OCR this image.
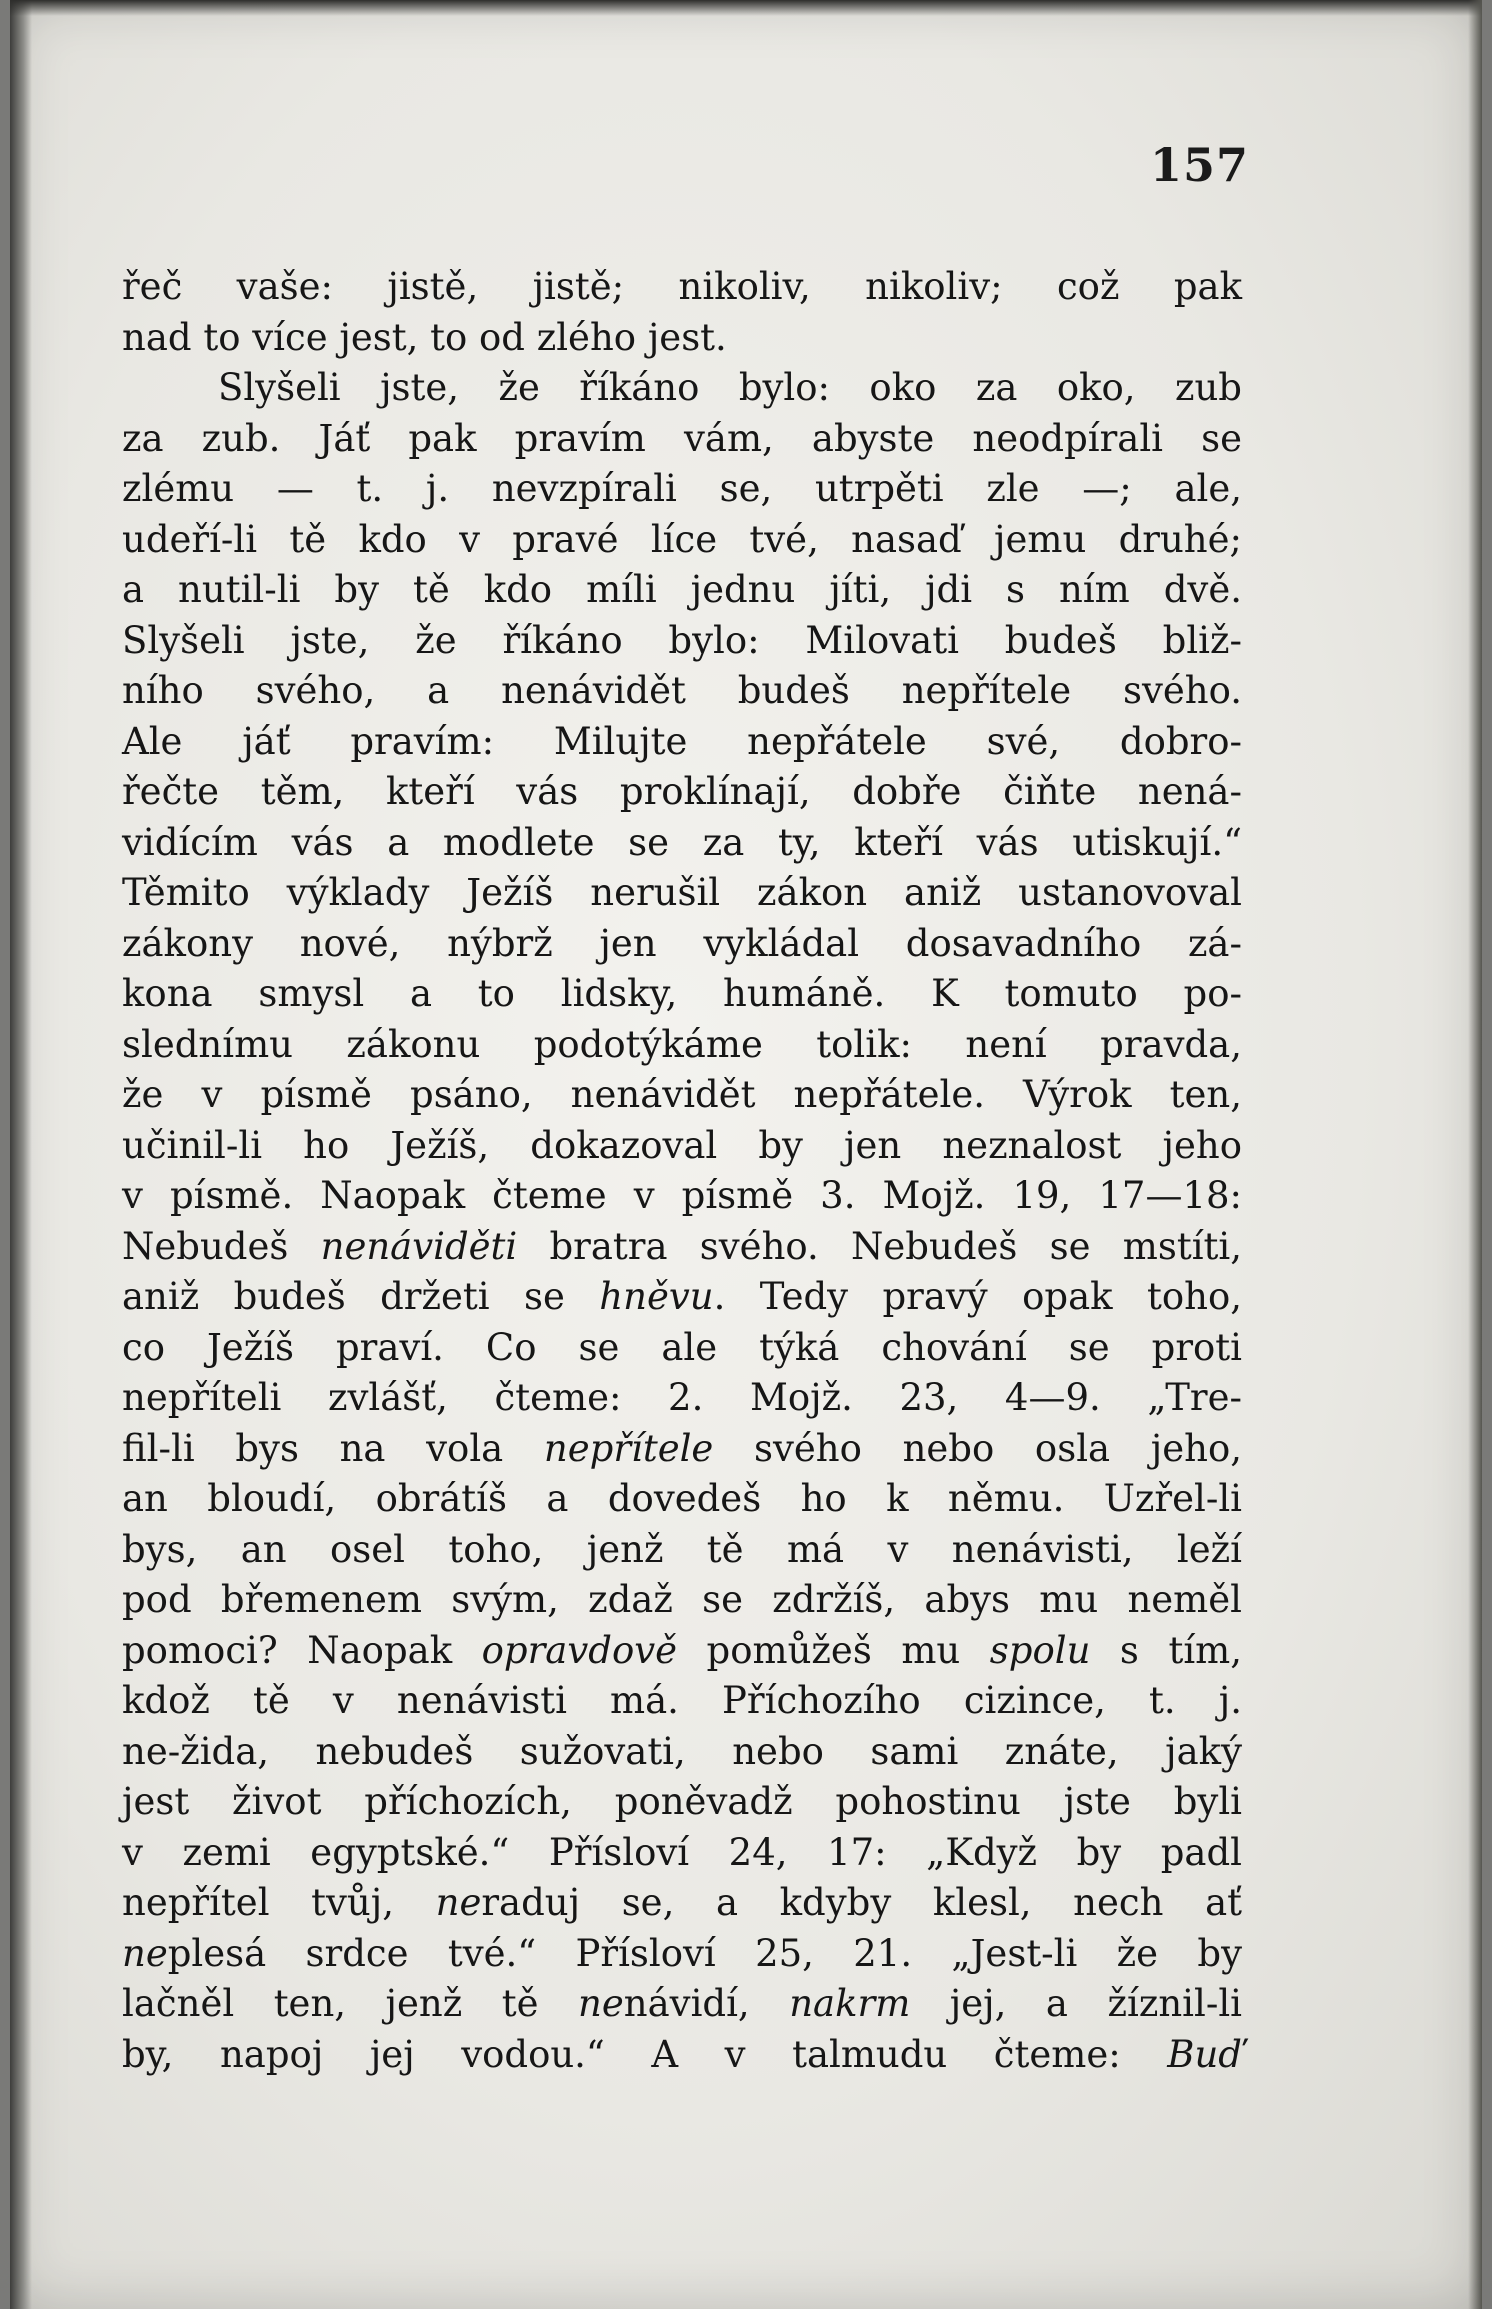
157
řeč vaše: jistě, jistě; nikoliv, nikoliv; což pak
nad to více jest, to od zlého jest.
Slyšeli jste, že říkáno bylo: oko za oko, zub
za zub. Jáť pak pravím vám, abyste neodpírali se
zlému — t. j. nevzpírali se, utrpěti zle —; ale,
udeří-li tě kdo v pravé líce tvé, nasaď jemu druhé;
a nutil-li by tě kdo míli jednu jíti, jdi s ním dvě.
Slyšeli jste, že říkáno bylo: Milovati budeš bliž-
ního svého, a nenávidět budeš nepřítele svého.
Ale jáť pravím: Milujte nepřátele své, dobro-
řečte těm, kteří vás proklínají, dobře čiňte nená-
vidícím vás a modlete se za ty, kteří vás utiskují.“
Těmito výklady Ježíš nerušil zákon aniž ustanovoval
zákony nové, nýbrž jen vykládal dosavadního zá-
kona smysl a to lidsky, humáně. K tomuto po-
slednímu zákonu podotýkáme tolik: není pravda,
že v písmě psáno, nenávidět nepřátele. Výrok ten,
učinil-li ho Ježíš, dokazoval by jen neznalost jeho
v písmě. Naopak čteme v písmě 3. Mojž. 19, 17—18:
Nebudeš nenáviděti bratra svého. Nebudeš se mstíti,
aniž budeš držeti se hněvu. Tedy pravý opak toho,
co Ježíš praví. Co se ale týká chování se proti
nepříteli zvlášť, čteme: 2. Mojž. 23, 4—9. „Tre-
fil-li bys na vola nepřítele svého nebo osla jeho,
an bloudí, obrátíš a dovedeš ho k němu. Uzřel-li
bys, an osel toho, jenž tě má v nenávisti, leží
pod břemenem svým, zdaž se zdržíš, abys mu neměl
pomoci? Naopak opravdově pomůžeš mu spolu s tím,
kdož tě v nenávisti má. Příchozího cizince, t. j.
ne-žida, nebudeš sužovati, nebo sami znáte, jaký
jest život příchozích, poněvadž pohostinu jste byli
v zemi egyptské.“ Přísloví 24, 17: „Když by padl
nepřítel tvůj, neraduj se, a kdyby klesl, nech ať
neplesá srdce tvé.“ Přísloví 25, 21. „Jest-li že by
lačněl ten, jenž tě nenávidí, nakrm jej, a žíznil-li
by, napoj jej vodou.“ A v talmudu čteme: Buď
